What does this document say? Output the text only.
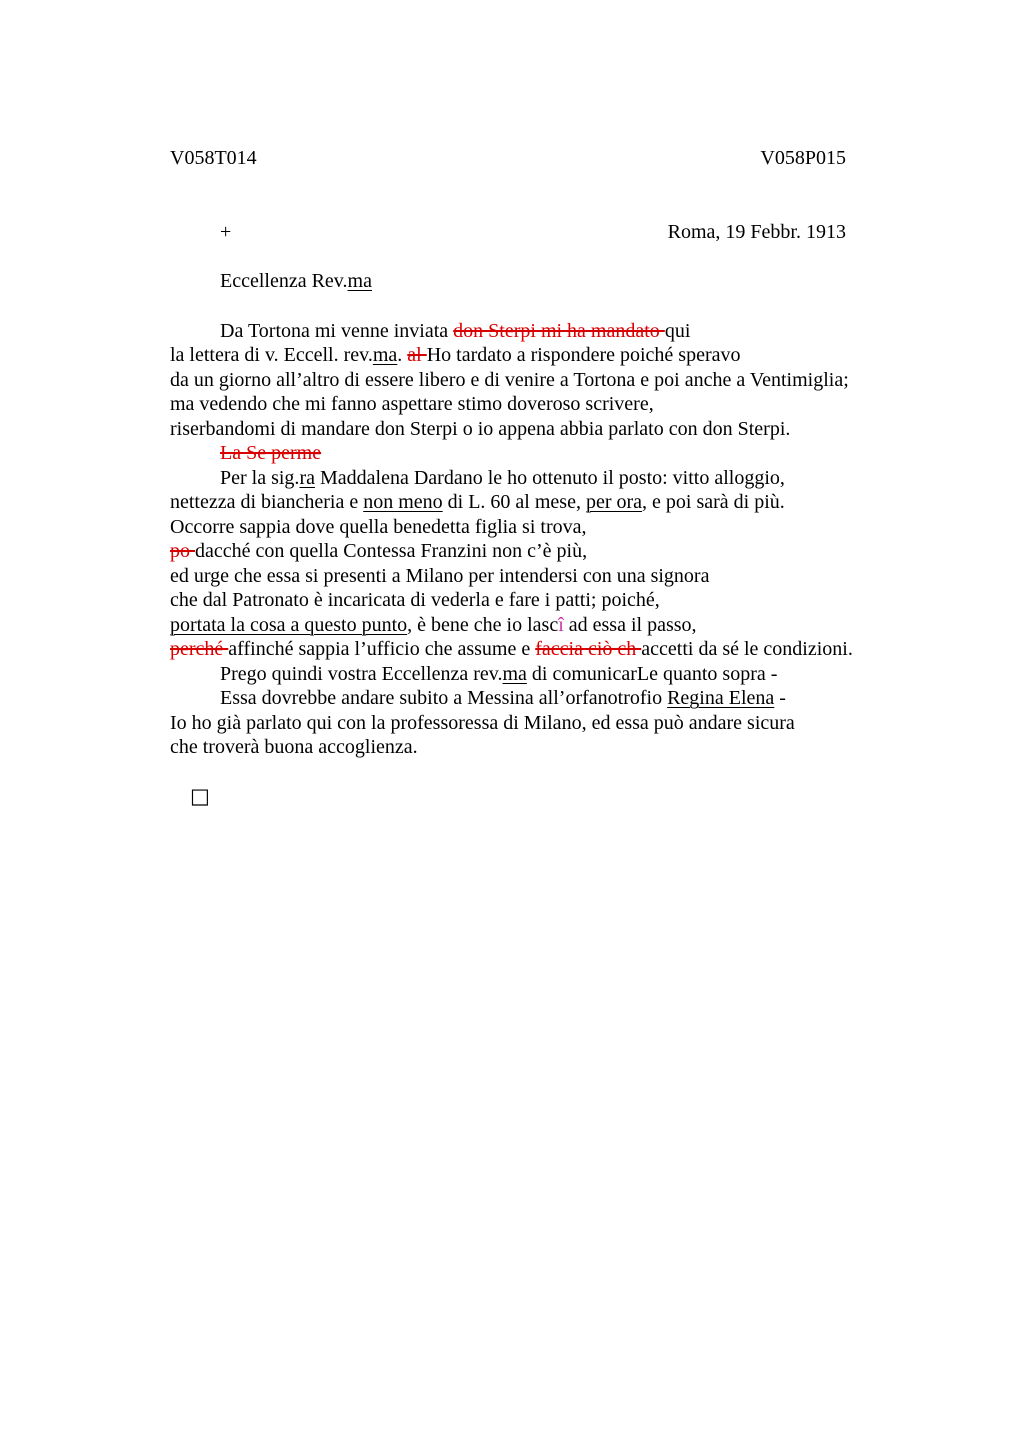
V058T014	V058P015
+	Roma, 19 Febbr. 1913
Eccellenza Rev.ma
Da Tortona mi venne inviata don Sterpi mi ha mandato qui
la lettera di v. Eccell. rev.ma. al Ho tardato a rispondere poiché speravo
da un giorno all’altro di essere libero e di venire a Tortona e poi anche a Ventimiglia;
ma vedendo che mi fanno aspettare stimo doveroso scrivere,
riserbandomi di mandare don Sterpi o io appena abbia parlato con don Sterpi.
La Se perme
Per la sig.ra Maddalena Dardano le ho ottenuto il posto: vitto alloggio,
nettezza di biancheria e non meno di L. 60 al mese, per ora, e poi sarà di più.
Occorre sappia dove quella benedetta figlia si trova,
po dacché con quella Contessa Franzini non c’è più,
ed urge che essa si presenti a Milano per intendersi con una signora
che dal Patronato è incaricata di vederla e fare i patti; poiché,
portata la cosa a questo punto, è bene che io lascî ad essa il passo,
perché affinché sappia l’ufficio che assume e faccia ciò ch accetti da sé le condizioni.
Prego quindi vostra Eccellenza rev.ma di comunicarLe quanto sopra -
Essa dovrebbe andare subito a Messina all’orfanotrofio Regina Elena -
Io ho già parlato qui con la professoressa di Milano, ed essa può andare sicura
che troverà buona accoglienza.

□
